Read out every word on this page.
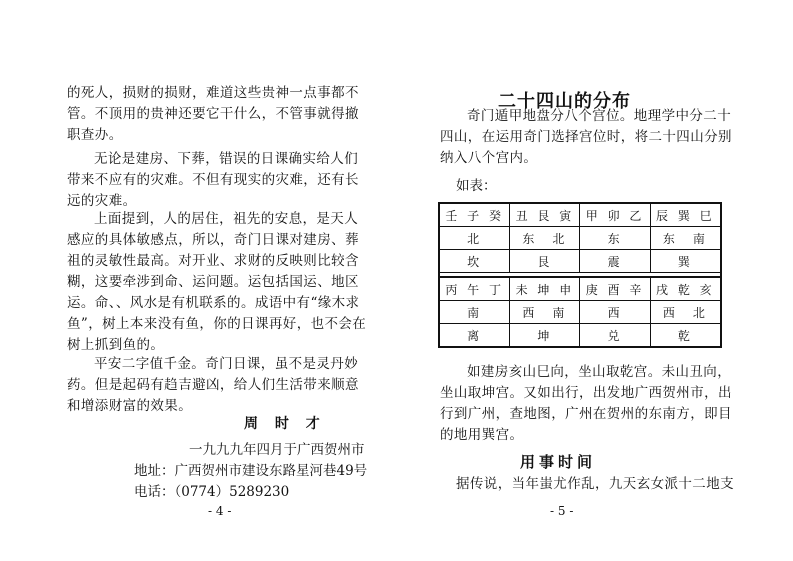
的死人，损财的损财，难道这些贵神一点事都不管。不顶用的贵神还要它干什么，不管事就得撤职查办。

无论是建房、下葬，错误的日课确实给人们带来不应有的灾难。不但有现实的灾难，还有长远的灾难。

上面提到，人的居住，祖先的安息，是天人感应的具体敏感点，所以，奇门日课对建房、葬祖的灵敏性最高。对开业、求财的反映则比较含糊，这要牵涉到命、运问题。运包括国运、地区运。命、、风水是有机联系的。成语中有“缘木求鱼”，树上本来没有鱼，你的日课再好，也不会在树上抓到鱼的。

平安二字值千金。奇门日课，虽不是灵丹妙药。但是起码有趋吉避凶，给人们生活带来顺意和增添财富的效果。

周 时 才
一九九九年四月于广西贺州市
地址：广西贺州市建设东路星河巷49号
电话：（0774）5289230
- 4 -
二十四山的分布

奇门遁甲地盘分八个宫位。地理学中分二十四山，在运用奇门选择宫位时，将二十四山分别纳入八个宫内。

如表：
壬 子 癸	丑 艮 寅	甲 卯 乙	辰 巽 巳
北	东　北	东	东　南
坎	艮	震	巽

丙 午 丁	未 坤 申	庚 酉 辛	戌 乾 亥
南	西　南	西	西　北
离	坤	兑	乾

如建房亥山巳向，坐山取乾宫。未山丑向，坐山取坤宫。又如出行，出发地广西贺州市，出行到广州，查地图，广州在贺州的东南方，即目的地用巽宫。

用事时间
据传说，当年蚩尤作乱，九天玄女派十二地支
- 5 -
